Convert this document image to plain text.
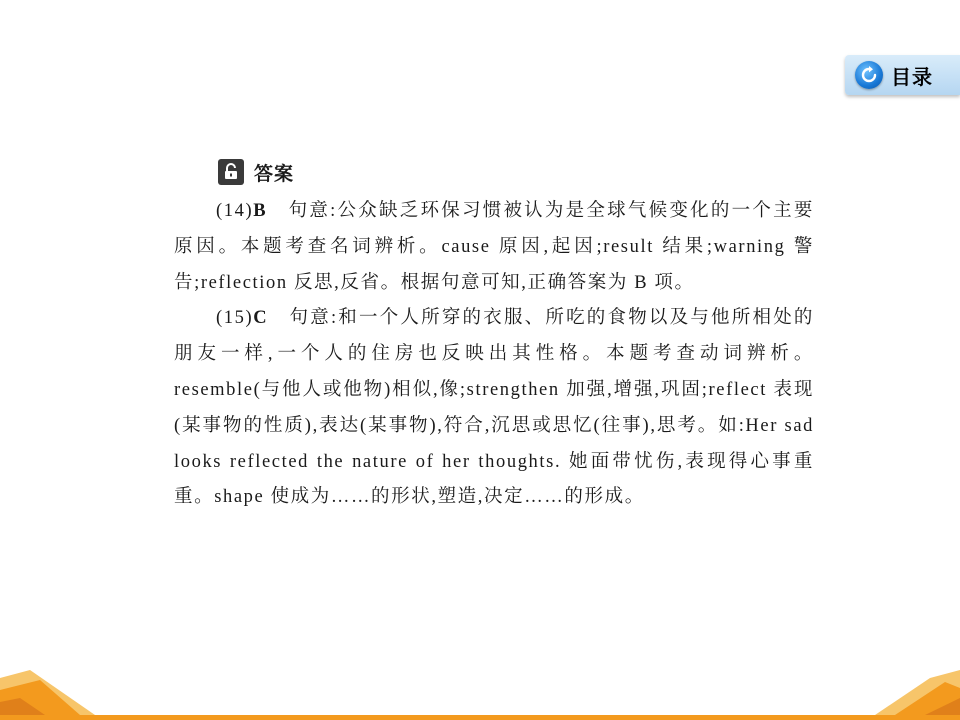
目录
答案

(14)B　句意:公众缺乏环保习惯被认为是全球气候变化的一个主要原因。本题考查名词辨析。cause 原因,起因;result 结果;warning 警告;reflection 反思,反省。根据句意可知,正确答案为 B 项。

(15)C　句意:和一个人所穿的衣服、所吃的食物以及与他所相处的朋友一样,一个人的住房也反映出其性格。本题考查动词辨析。resemble(与他人或他物)相似,像;strengthen 加强,增强,巩固;reflect 表现(某事物的性质),表达(某事物),符合,沉思或思忆(往事),思考。如:Her sad looks reflected the nature of her thoughts. 她面带忧伤,表现得心事重重。shape 使成为……的形状,塑造,决定……的形成。
